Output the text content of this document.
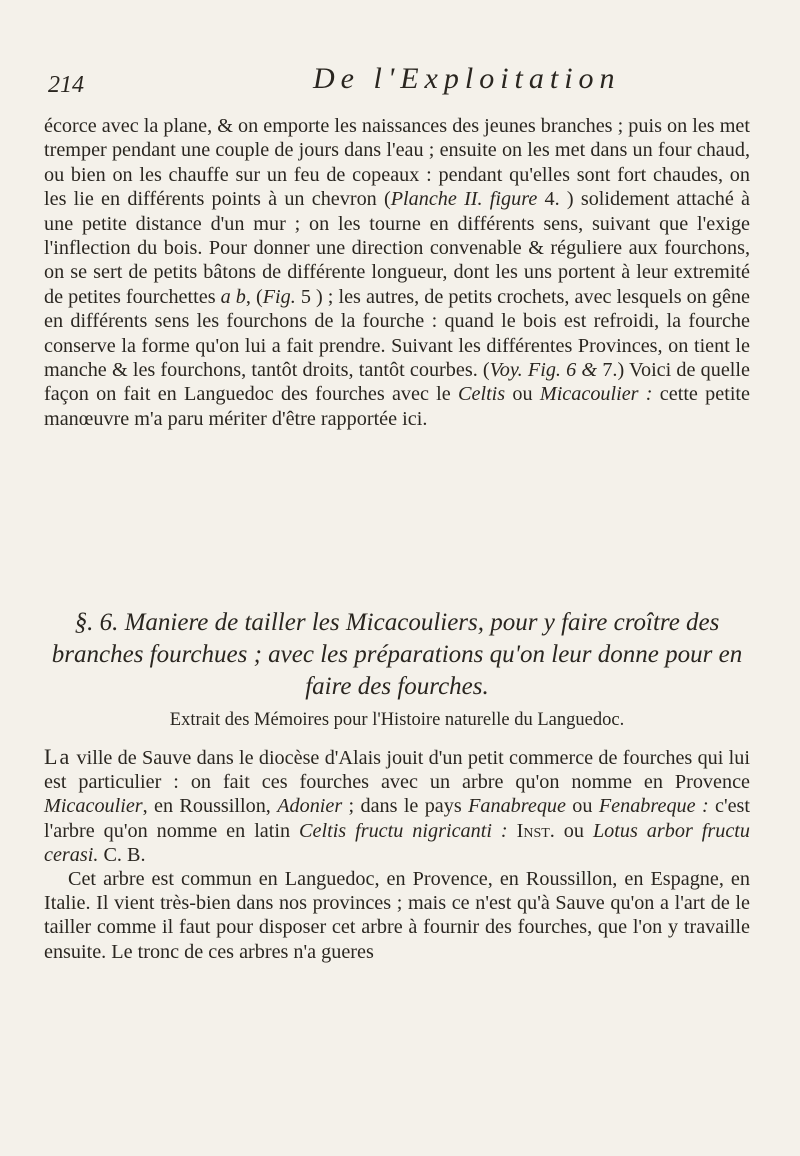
214	De l'Exploitation

écorce avec la plane, & on emporte les naissances des jeunes branches ; puis on les met tremper pendant une couple de jours dans l'eau ; ensuite on les met dans un four chaud, ou bien on les chauffe sur un feu de copeaux : pendant qu'elles sont fort chaudes, on les lie en différents points à un chevron (Planche II. figure 4. ) solidement attaché à une petite distance d'un mur ; on les tourne en différents sens, suivant que l'exige l'inflection du bois. Pour donner une direction convenable & réguliere aux fourchons, on se sert de petits bâtons de différente longueur, dont les uns portent à leur extremité de petites fourchettes a b, (Fig. 5 ) ; les autres, de petits crochets, avec lesquels on gêne en différents sens les fourchons de la fourche : quand le bois est refroidi, la fourche conserve la forme qu'on lui a fait prendre. Suivant les différentes Provinces, on tient le manche & les fourchons, tantôt droits, tantôt courbes. (Voy. Fig. 6 & 7.) Voici de quelle façon on fait en Languedoc des fourches avec le Celtis ou Micacoulier : cette petite manœuvre m'a paru mériter d'être rapportée ici.

§. 6. Maniere de tailler les Micacouliers, pour y faire croître des branches fourchues ; avec les préparations qu'on leur donne pour en faire des fourches.
Extrait des Mémoires pour l'Histoire naturelle du Languedoc.

La ville de Sauve dans le diocèse d'Alais jouit d'un petit commerce de fourches qui lui est particulier : on fait ces fourches avec un arbre qu'on nomme en Provence Micacoulier, en Roussillon, Adonier ; dans le pays Fanabreque ou Fenabreque : c'est l'arbre qu'on nomme en latin Celtis fructu nigricanti : Inst. ou Lotus arbor fructu cerasi. C. B.

Cet arbre est commun en Languedoc, en Provence, en Roussillon, en Espagne, en Italie. Il vient très-bien dans nos provinces ; mais ce n'est qu'à Sauve qu'on a l'art de le tailler comme il faut pour disposer cet arbre à fournir des fourches, que l'on y travaille ensuite. Le tronc de ces arbres n'a gueres
